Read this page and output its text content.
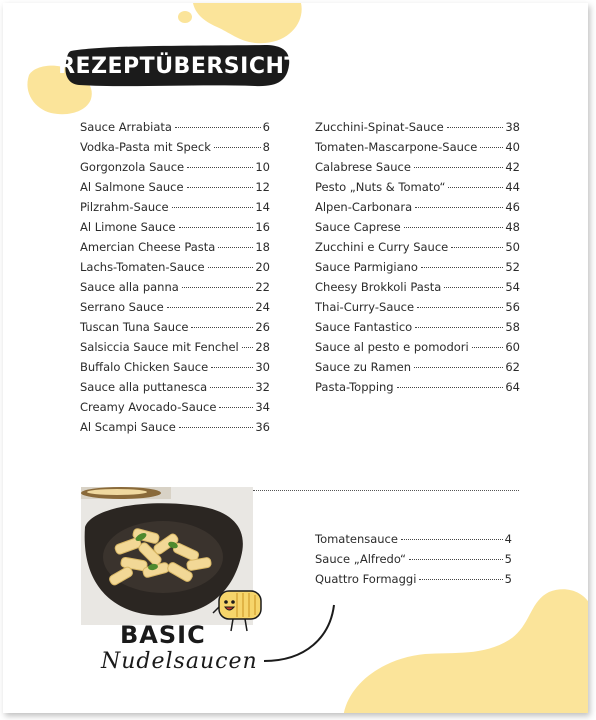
REZEPTÜBERSICHT
Sauce Arrabiata	6
Vodka-Pasta mit Speck	8
Gorgonzola Sauce	10
Al Salmone Sauce	12
Pilzrahm-Sauce	14
Al Limone Sauce	16
Amercian Cheese Pasta	18
Lachs-Tomaten-Sauce	20
Sauce alla panna	22
Serrano Sauce	24
Tuscan Tuna Sauce	26
Salsiccia Sauce mit Fenchel 28
Buffalo Chicken Sauce	30
Sauce alla puttanesca	32
Creamy Avocado-Sauce	34
Al Scampi Sauce	36
Zucchini-Spinat-Sauce	38
Tomaten-Mascarpone-Sauce 40
Calabrese Sauce	42
Pesto „Nuts & Tomato“	44
Alpen-Carbonara	46
Sauce Caprese	48
Zucchini e Curry Sauce	50
Sauce Parmigiano	52
Cheesy Brokkoli Pasta	54
Thai-Curry-Sauce	56
Sauce Fantastico	58
Sauce al pesto e pomodori	60
Sauce zu Ramen	62
Pasta-Topping	64
BASIC
Nudelsaucen
Tomatensauce	4
Sauce „Alfredo“	5
Quattro Formaggi	5
